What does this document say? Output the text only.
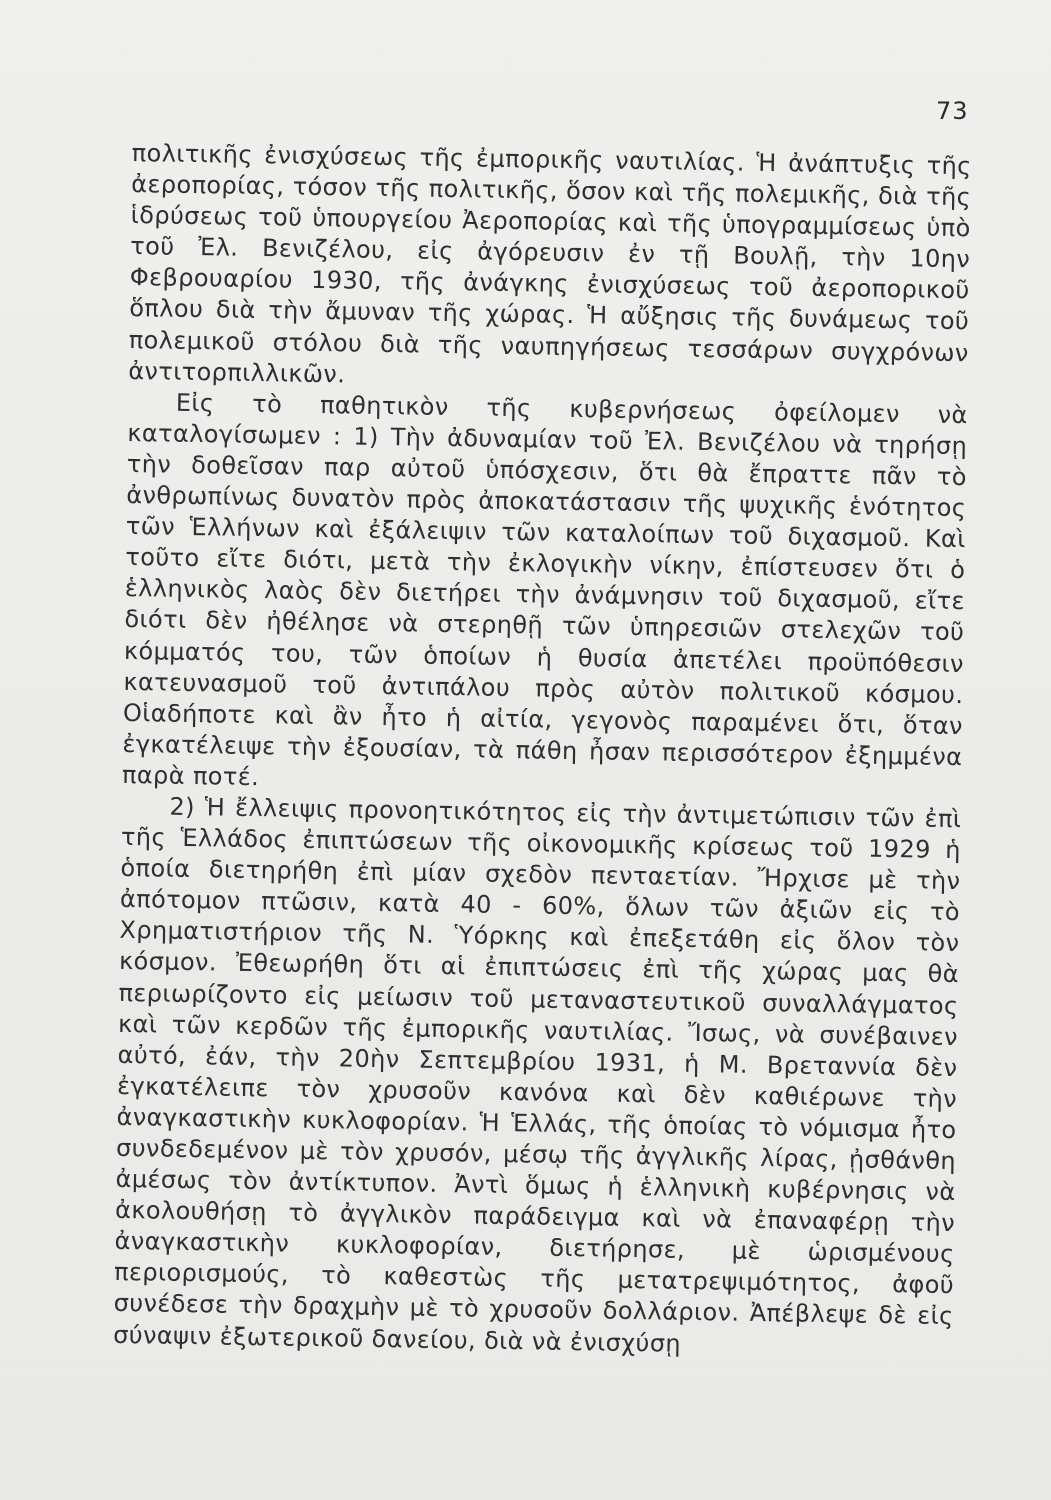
73

πολιτικῆς ἐνισχύσεως τῆς ἐμπορικῆς ναυτιλίας. Ἡ ἀνάπτυξις τῆς ἀεροπορίας, τόσον τῆς πολιτικῆς, ὅσον καὶ τῆς πολεμικῆς, διὰ τῆς ἱδρύσεως τοῦ ὑπουργείου Ἀεροπορίας καὶ τῆς ὑπογραμμίσεως ὑπὸ τοῦ Ἐλ. Βενιζέλου, εἰς ἀγόρευσιν ἐν τῇ Βουλῇ, τὴν 10ην Φεβρουαρίου 1930, τῆς ἀνάγκης ἐνισχύσεως τοῦ ἀεροπορικοῦ ὅπλου διὰ τὴν ἄμυναν τῆς χώρας. Ἡ αὔξησις τῆς δυνάμεως τοῦ πολεμικοῦ στόλου διὰ τῆς ναυπηγήσεως τεσσάρων συγχρόνων ἀντιτορπιλλικῶν.

Εἰς τὸ παθητικὸν τῆς κυβερνήσεως ὀφείλομεν νὰ καταλογίσωμεν : 1) Τὴν ἀδυναμίαν τοῦ Ἐλ. Βενιζέλου νὰ τηρήσῃ τὴν δοθεῖσαν παρ αὐτοῦ ὑπόσχεσιν, ὅτι θὰ ἔπραττε πᾶν τὸ ἀνθρωπίνως δυνατὸν πρὸς ἀποκατάστασιν τῆς ψυχικῆς ἑνότητος τῶν Ἑλλήνων καὶ ἐξάλειψιν τῶν καταλοίπων τοῦ διχασμοῦ. Καὶ τοῦτο εἴτε διότι, μετὰ τὴν ἐκλογικὴν νίκην, ἐπίστευσεν ὅτι ὁ ἑλληνικὸς λαὸς δὲν διετήρει τὴν ἀνάμνησιν τοῦ διχασμοῦ, εἴτε διότι δὲν ἠθέλησε νὰ στερηθῇ τῶν ὑπηρεσιῶν στελεχῶν τοῦ κόμματός του, τῶν ὁποίων ἡ θυσία ἀπετέλει προϋπόθεσιν κατευνασμοῦ τοῦ ἀντιπάλου πρὸς αὐτὸν πολιτικοῦ κόσμου. Οἱαδήποτε καὶ ἂν ἦτο ἡ αἰτία, γεγονὸς παραμένει ὅτι, ὅταν ἐγκατέλειψε τὴν ἐξουσίαν, τὰ πάθη ἦσαν περισσότερον ἐξημμένα παρὰ ποτέ.

2) Ἡ ἔλλειψις προνοητικότητος εἰς τὴν ἀντιμετώπισιν τῶν ἐπὶ τῆς Ἑλλάδος ἐπιπτώσεων τῆς οἰκονομικῆς κρίσεως τοῦ 1929 ἡ ὁποία διετηρήθη ἐπὶ μίαν σχεδὸν πενταετίαν. Ἤρχισε μὲ τὴν ἀπότομον πτῶσιν, κατὰ 40 - 60%, ὅλων τῶν ἀξιῶν εἰς τὸ Χρηματιστήριον τῆς Ν. Ὑόρκης καὶ ἐπεξετάθη εἰς ὅλον τὸν κόσμον. Ἐθεωρήθη ὅτι αἱ ἐπιπτώσεις ἐπὶ τῆς χώρας μας θὰ περιωρίζοντο εἰς μείωσιν τοῦ μεταναστευτικοῦ συναλλάγματος καὶ τῶν κερδῶν τῆς ἐμπορικῆς ναυτιλίας. Ἴσως, νὰ συνέβαινεν αὐτό, ἐάν, τὴν 20ὴν Σεπτεμβρίου 1931, ἡ Μ. Βρεταννία δὲν ἐγκατέλειπε τὸν χρυσοῦν κανόνα καὶ δὲν καθιέρωνε τὴν ἀναγκαστικὴν κυκλοφορίαν. Ἡ Ἑλλάς, τῆς ὁποίας τὸ νόμισμα ἦτο συνδεδεμένον μὲ τὸν χρυσόν, μέσῳ τῆς ἀγγλικῆς λίρας, ᾐσθάνθη ἀμέσως τὸν ἀντίκτυπον. Ἀντὶ ὅμως ἡ ἑλληνικὴ κυβέρνησις νὰ ἀκολουθήσῃ τὸ ἀγγλικὸν παράδειγμα καὶ νὰ ἐπαναφέρῃ τὴν ἀναγκαστικὴν κυκλοφορίαν, διετήρησε, μὲ ὡρισμένους περιορισμούς, τὸ καθεστὼς τῆς μετατρεψιμότητος, ἀφοῦ συνέδεσε τὴν δραχμὴν μὲ τὸ χρυσοῦν δολλάριον. Ἀπέβλεψε δὲ εἰς σύναψιν ἐξωτερικοῦ δανείου, διὰ νὰ ἐνισχύσῃ
